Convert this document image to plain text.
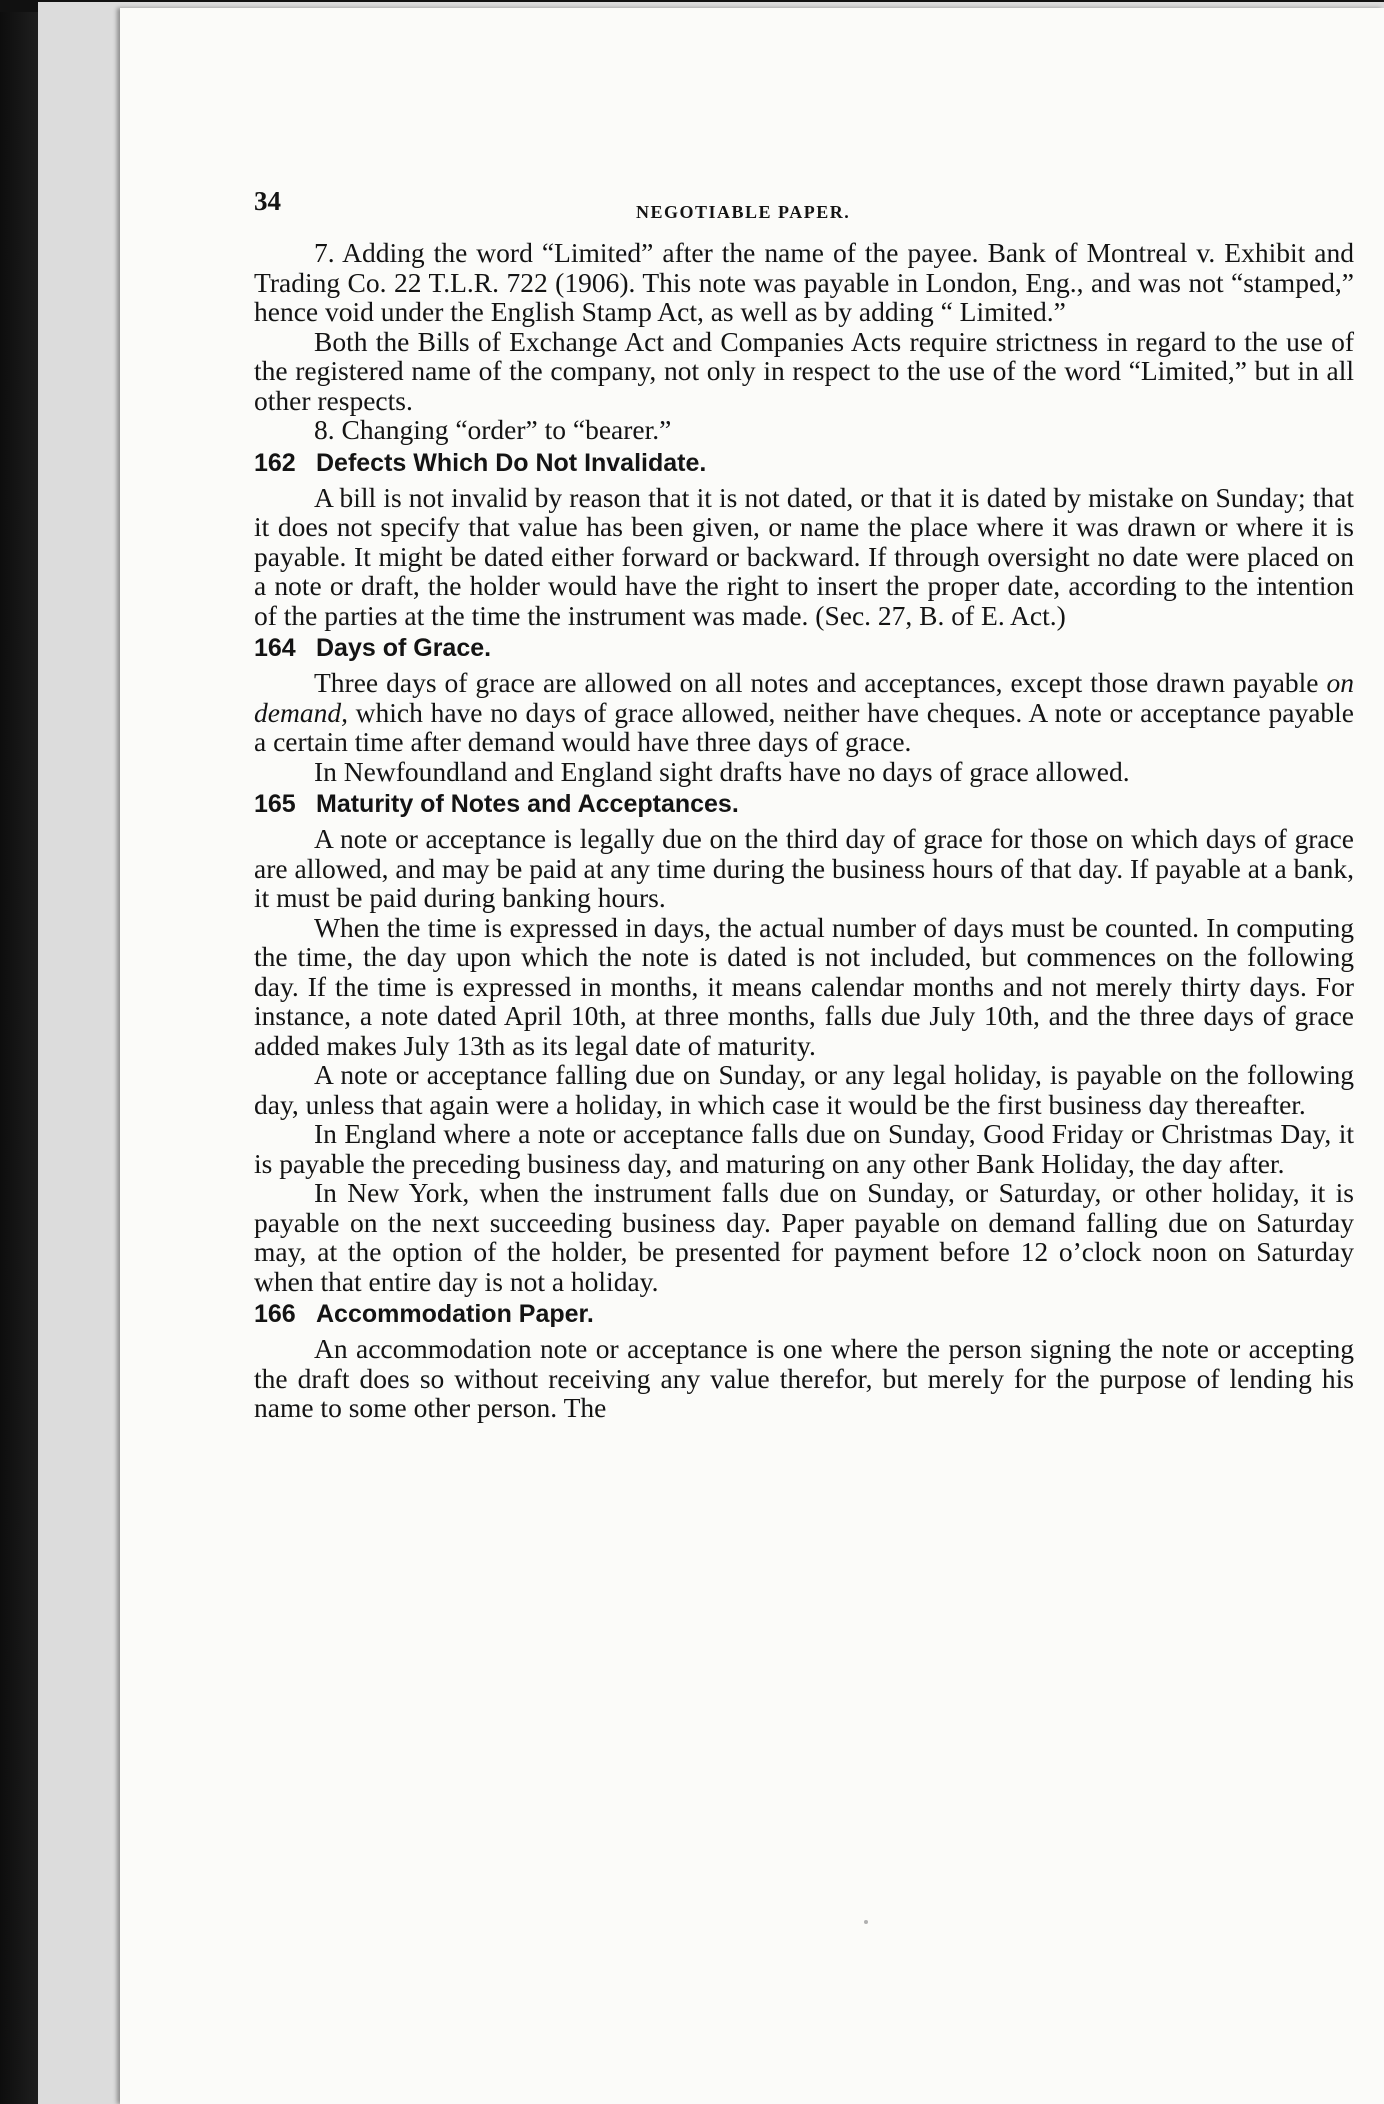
34	NEGOTIABLE PAPER.

7. Adding the word “Limited” after the name of the payee. Bank of Montreal v. Exhibit and Trading Co. 22 T.L.R. 722 (1906). This note was payable in London, Eng., and was not “stamped,” hence void under the English Stamp Act, as well as by adding “ Limited.”

Both the Bills of Exchange Act and Companies Acts require strictness in regard to the use of the registered name of the company, not only in respect to the use of the word “Limited,” but in all other respects.

8. Changing “order” to “bearer.”

162 Defects Which Do Not Invalidate.

A bill is not invalid by reason that it is not dated, or that it is dated by mistake on Sunday; that it does not specify that value has been given, or name the place where it was drawn or where it is payable. It might be dated either forward or backward. If through oversight no date were placed on a note or draft, the holder would have the right to insert the proper date, according to the intention of the parties at the time the instrument was made. (Sec. 27, B. of E. Act.)

164 Days of Grace.

Three days of grace are allowed on all notes and acceptances, except those drawn payable on demand, which have no days of grace allowed, neither have cheques. A note or acceptance payable a certain time after demand would have three days of grace.

In Newfoundland and England sight drafts have no days of grace allowed.

165 Maturity of Notes and Acceptances.

A note or acceptance is legally due on the third day of grace for those on which days of grace are allowed, and may be paid at any time during the business hours of that day. If payable at a bank, it must be paid during banking hours.

When the time is expressed in days, the actual number of days must be counted. In computing the time, the day upon which the note is dated is not included, but commences on the following day. If the time is expressed in months, it means calendar months and not merely thirty days. For instance, a note dated April 10th, at three months, falls due July 10th, and the three days of grace added makes July 13th as its legal date of maturity.

A note or acceptance falling due on Sunday, or any legal holiday, is payable on the following day, unless that again were a holiday, in which case it would be the first business day thereafter.

In England where a note or acceptance falls due on Sunday, Good Friday or Christmas Day, it is payable the preceding business day, and maturing on any other Bank Holiday, the day after.

In New York, when the instrument falls due on Sunday, or Saturday, or other holiday, it is payable on the next succeeding business day. Paper payable on demand falling due on Saturday may, at the option of the holder, be presented for payment before 12 o’clock noon on Saturday when that entire day is not a holiday.

166 Accommodation Paper.

An accommodation note or acceptance is one where the person signing the note or accepting the draft does so without receiving any value therefor, but merely for the purpose of lending his name to some other person. The
